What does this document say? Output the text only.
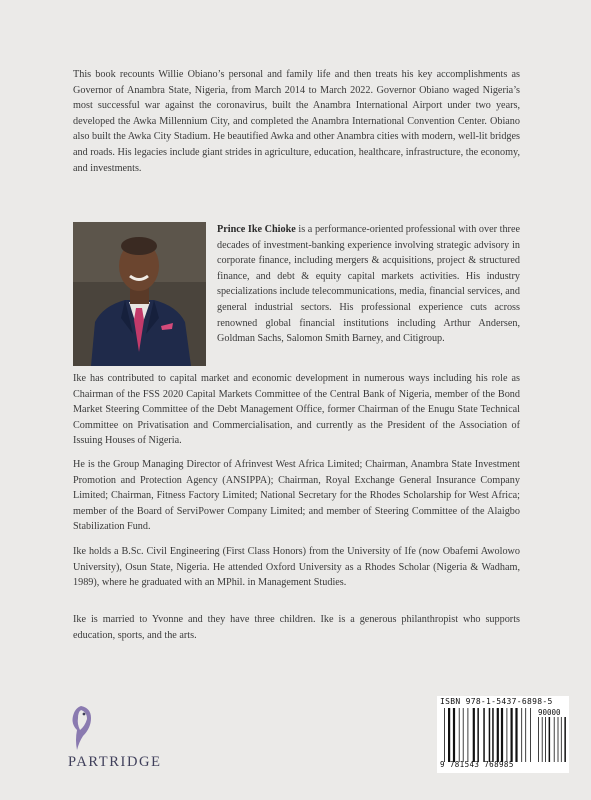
This book recounts Willie Obiano’s personal and family life and then treats his key accomplishments as Governor of Anambra State, Nigeria, from March 2014 to March 2022. Governor Obiano waged Nigeria’s most successful war against the coronavirus, built the Anambra International Airport under two years, developed the Awka Millennium City, and completed the Anambra International Convention Center. Obiano also built the Awka City Stadium. He beautified Awka and other Anambra cities with modern, well-lit bridges and roads. His legacies include giant strides in agriculture, education, healthcare, infrastructure, the economy, and investments.

Prince Ike Chioke is a performance-oriented professional with over three decades of investment-banking experience involving strategic advisory in corporate finance, including mergers & acquisitions, project & structured finance, and debt & equity capital markets activities. His industry specializations include telecommunications, media, financial services, and general industrial sectors. His professional experience cuts across renowned global financial institutions including Arthur Andersen, Goldman Sachs, Salomon Smith Barney, and Citigroup.

Ike has contributed to capital market and economic development in numerous ways including his role as Chairman of the FSS 2020 Capital Markets Committee of the Central Bank of Nigeria, member of the Bond Market Steering Committee of the Debt Management Office, former Chairman of the Enugu State Technical Committee on Privatisation and Commercialisation, and currently as the President of the Association of Issuing Houses of Nigeria.

He is the Group Managing Director of Afrinvest West Africa Limited; Chairman, Anambra State Investment Promotion and Protection Agency (ANSIPPA); Chairman, Royal Exchange General Insurance Company Limited; Chairman, Fitness Factory Limited; National Secretary for the Rhodes Scholarship for West Africa; member of the Board of ServiPower Company Limited; and member of Steering Committee of the Alaigbo Stabilization Fund.

Ike holds a B.Sc. Civil Engineering (First Class Honors) from the University of Ife (now Obafemi Awolowo University), Osun State, Nigeria. He attended Oxford University as a Rhodes Scholar (Nigeria & Wadham, 1989), where he graduated with an MPhil. in Management Studies.

Ike is married to Yvonne and they have three children. Ike is a generous philanthropist who supports education, sports, and the arts.

PARTRIDGE
ISBN 978-1-5437-6898-5
90000
9 781543 768985
